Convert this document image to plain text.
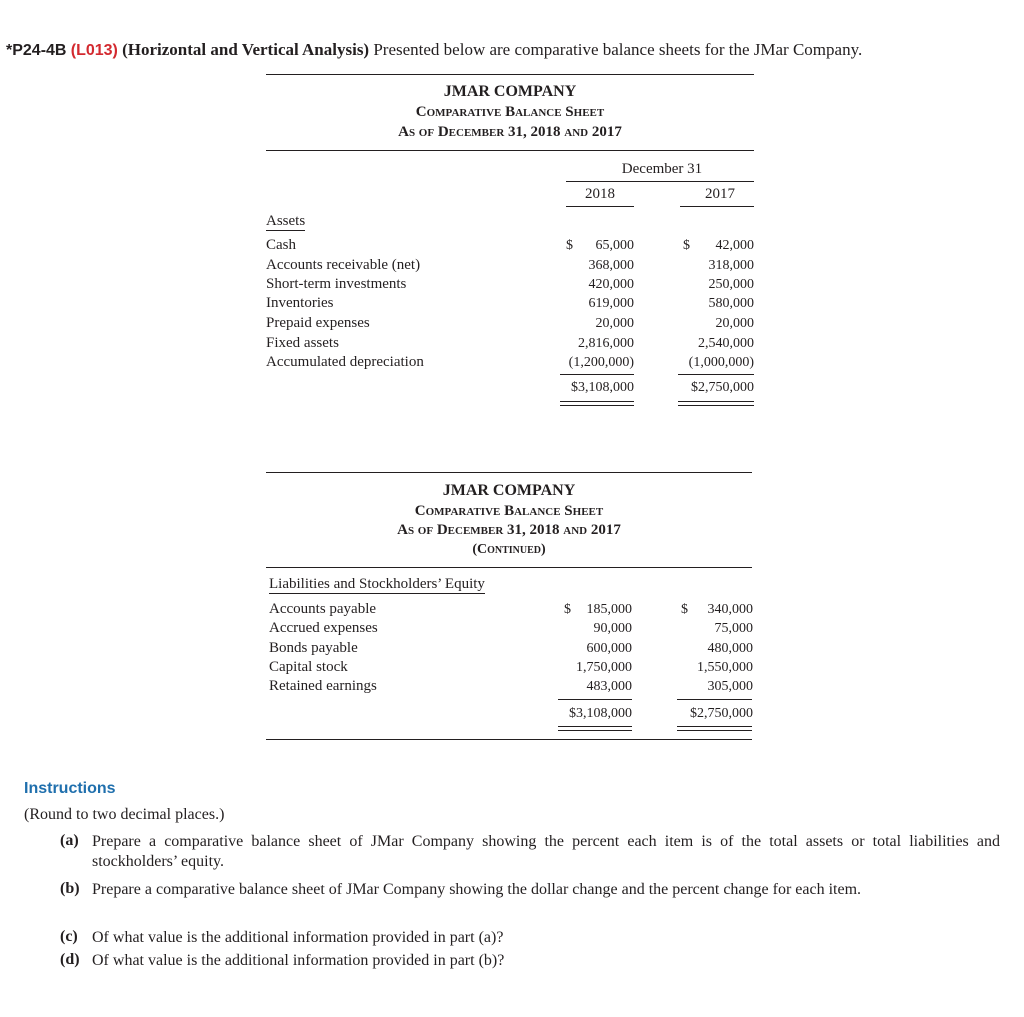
*P24-4B (L013) (Horizontal and Vertical Analysis) Presented below are comparative balance sheets for the JMar Company.
JMAR COMPANY
Comparative Balance Sheet
As of December 31, 2018 and 2017
December 31
2018	2017
Assets
Cash	$	65,000	$	42,000
Accounts receivable (net)	368,000	318,000
Short-term investments	420,000	250,000
Inventories	619,000	580,000
Prepaid expenses	20,000	20,000
Fixed assets	2,816,000	2,540,000
Accumulated depreciation	(1,200,000)	(1,000,000)
$3,108,000	$2,750,000
JMAR COMPANY
Comparative Balance Sheet
As of December 31, 2018 and 2017
(Continued)
Liabilities and Stockholders’ Equity
Accounts payable	$	185,000	$	340,000
Accrued expenses	90,000	75,000
Bonds payable	600,000	480,000
Capital stock	1,750,000	1,550,000
Retained earnings	483,000	305,000
$3,108,000	$2,750,000
Instructions
(Round to two decimal places.)
(a) Prepare a comparative balance sheet of JMar Company showing the percent each item is of the total assets or total liabilities and stockholders’ equity.
(b) Prepare a comparative balance sheet of JMar Company showing the dollar change and the percent change for each item.
(c) Of what value is the additional information provided in part (a)?
(d) Of what value is the additional information provided in part (b)?
